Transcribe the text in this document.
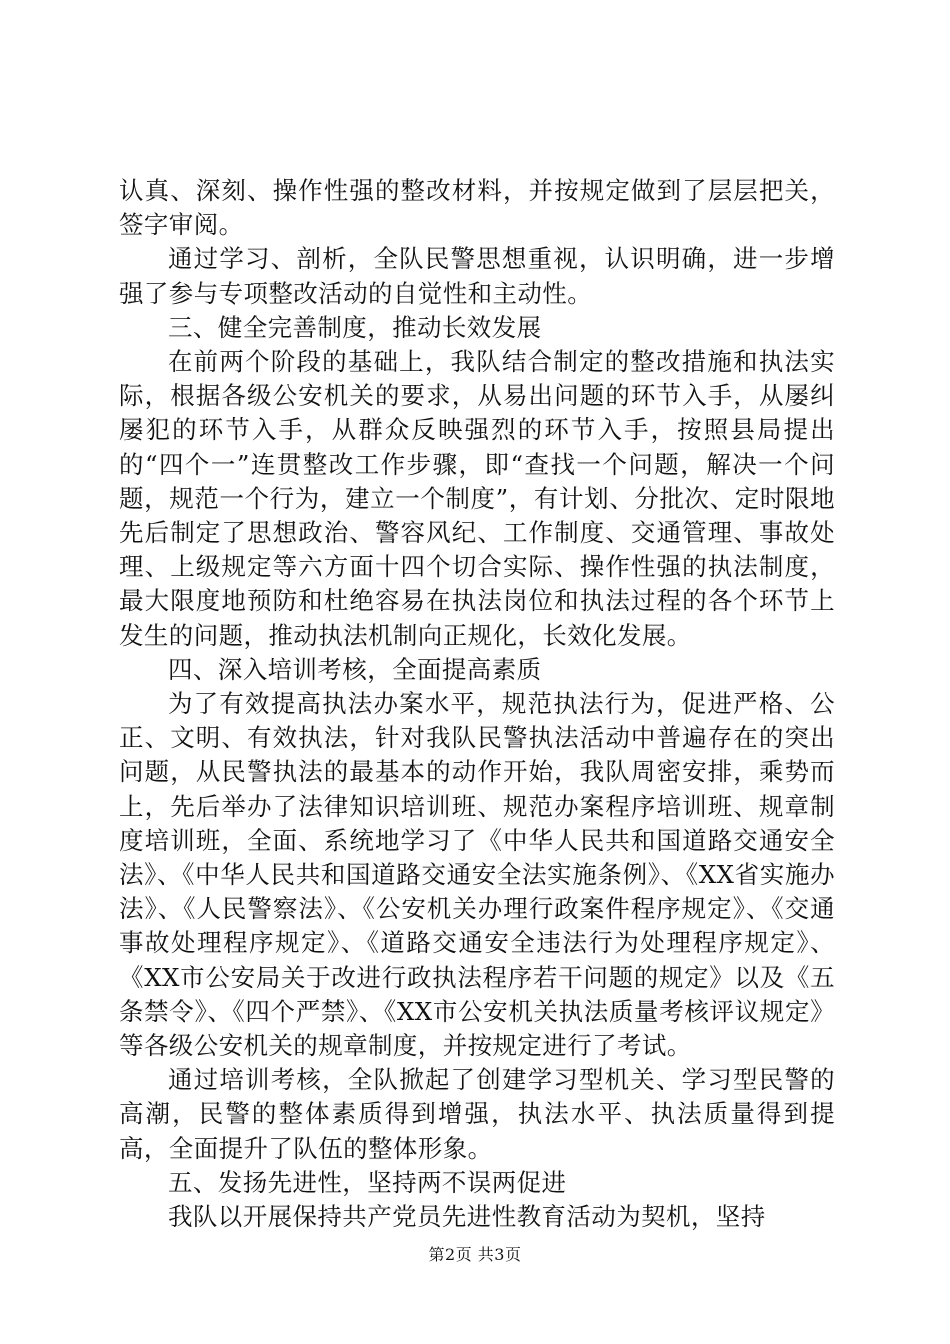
认真、深刻、操作性强的整改材料，并按规定做到了层层把关，签字审阅。

通过学习、剖析，全队民警思想重视，认识明确，进一步增强了参与专项整改活动的自觉性和主动性。

三、健全完善制度，推动长效发展

在前两个阶段的基础上，我队结合制定的整改措施和执法实际，根据各级公安机关的要求，从易出问题的环节入手，从屡纠屡犯的环节入手，从群众反映强烈的环节入手，按照县局提出的“四个一”连贯整改工作步骤，即“查找一个问题，解决一个问题，规范一个行为，建立一个制度”，有计划、分批次、定时限地先后制定了思想政治、警容风纪、工作制度、交通管理、事故处理、上级规定等六方面十四个切合实际、操作性强的执法制度，最大限度地预防和杜绝容易在执法岗位和执法过程的各个环节上发生的问题，推动执法机制向正规化，长效化发展。

四、深入培训考核，全面提高素质

为了有效提高执法办案水平，规范执法行为，促进严格、公正、文明、有效执法，针对我队民警执法活动中普遍存在的突出问题，从民警执法的最基本的动作开始，我队周密安排，乘势而上，先后举办了法律知识培训班、规范办案程序培训班、规章制度培训班，全面、系统地学习了《中华人民共和国道路交通安全法》、《中华人民共和国道路交通安全法实施条例》、《XX省实施办法》、《人民警察法》、《公安机关办理行政案件程序规定》、《交通事故处理程序规定》、《道路交通安全违法行为处理程序规定》、《XX市公安局关于改进行政执法程序若干问题的规定》以及《五条禁令》、《四个严禁》、《XX市公安机关执法质量考核评议规定》等各级公安机关的规章制度，并按规定进行了考试。

通过培训考核，全队掀起了创建学习型机关、学习型民警的高潮，民警的整体素质得到增强，执法水平、执法质量得到提高，全面提升了队伍的整体形象。

五、发扬先进性，坚持两不误两促进

我队以开展保持共产党员先进性教育活动为契机，坚持

第2页 共3页
